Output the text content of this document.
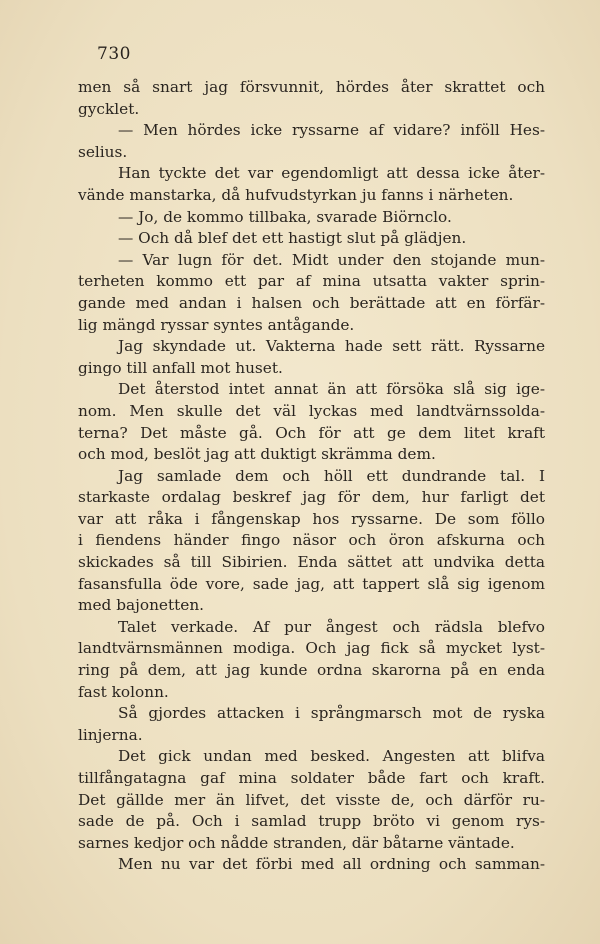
730

men så snart jag försvunnit, hördes åter skrattet och
gycklet.
— Men hördes icke ryssarne af vidare? inföll Hes-
selius.
Han tyckte det var egendomligt att dessa icke åter-
vände manstarka, då hufvudstyrkan ju fanns i närheten.
— Jo, de kommo tillbaka, svarade Biörnclo.
— Och då blef det ett hastigt slut på glädjen.
— Var lugn för det. Midt under den stojande mun-
terheten kommo ett par af mina utsatta vakter sprin-
gande med andan i halsen och berättade att en förfär-
lig mängd ryssar syntes antågande.
Jag skyndade ut. Vakterna hade sett rätt. Ryssarne
gingo till anfall mot huset.
Det återstod intet annat än att försöka slå sig ige-
nom. Men skulle det väl lyckas med landtvärnssolda-
terna? Det måste gå. Och för att ge dem litet kraft
och mod, beslöt jag att duktigt skrämma dem.
Jag samlade dem och höll ett dundrande tal. I
starkaste ordalag beskref jag för dem, hur farligt det
var att råka i fångenskap hos ryssarne. De som föllo
i fiendens händer fingo näsor och öron afskurna och
skickades så till Sibirien. Enda sättet att undvika detta
fasansfulla öde vore, sade jag, att tappert slå sig igenom
med bajonetten.
Talet verkade. Af pur ångest och rädsla blefvo
landtvärnsmännen modiga. Och jag fick så mycket lyst-
ring på dem, att jag kunde ordna skarorna på en enda
fast kolonn.
Så gjordes attacken i språngmarsch mot de ryska
linjerna.
Det gick undan med besked. Angesten att blifva
tillfångatagna gaf mina soldater både fart och kraft.
Det gällde mer än lifvet, det visste de, och därför ru-
sade de på. Och i samlad trupp bröto vi genom rys-
sarnes kedjor och nådde stranden, där båtarne väntade.
Men nu var det förbi med all ordning och samman-
